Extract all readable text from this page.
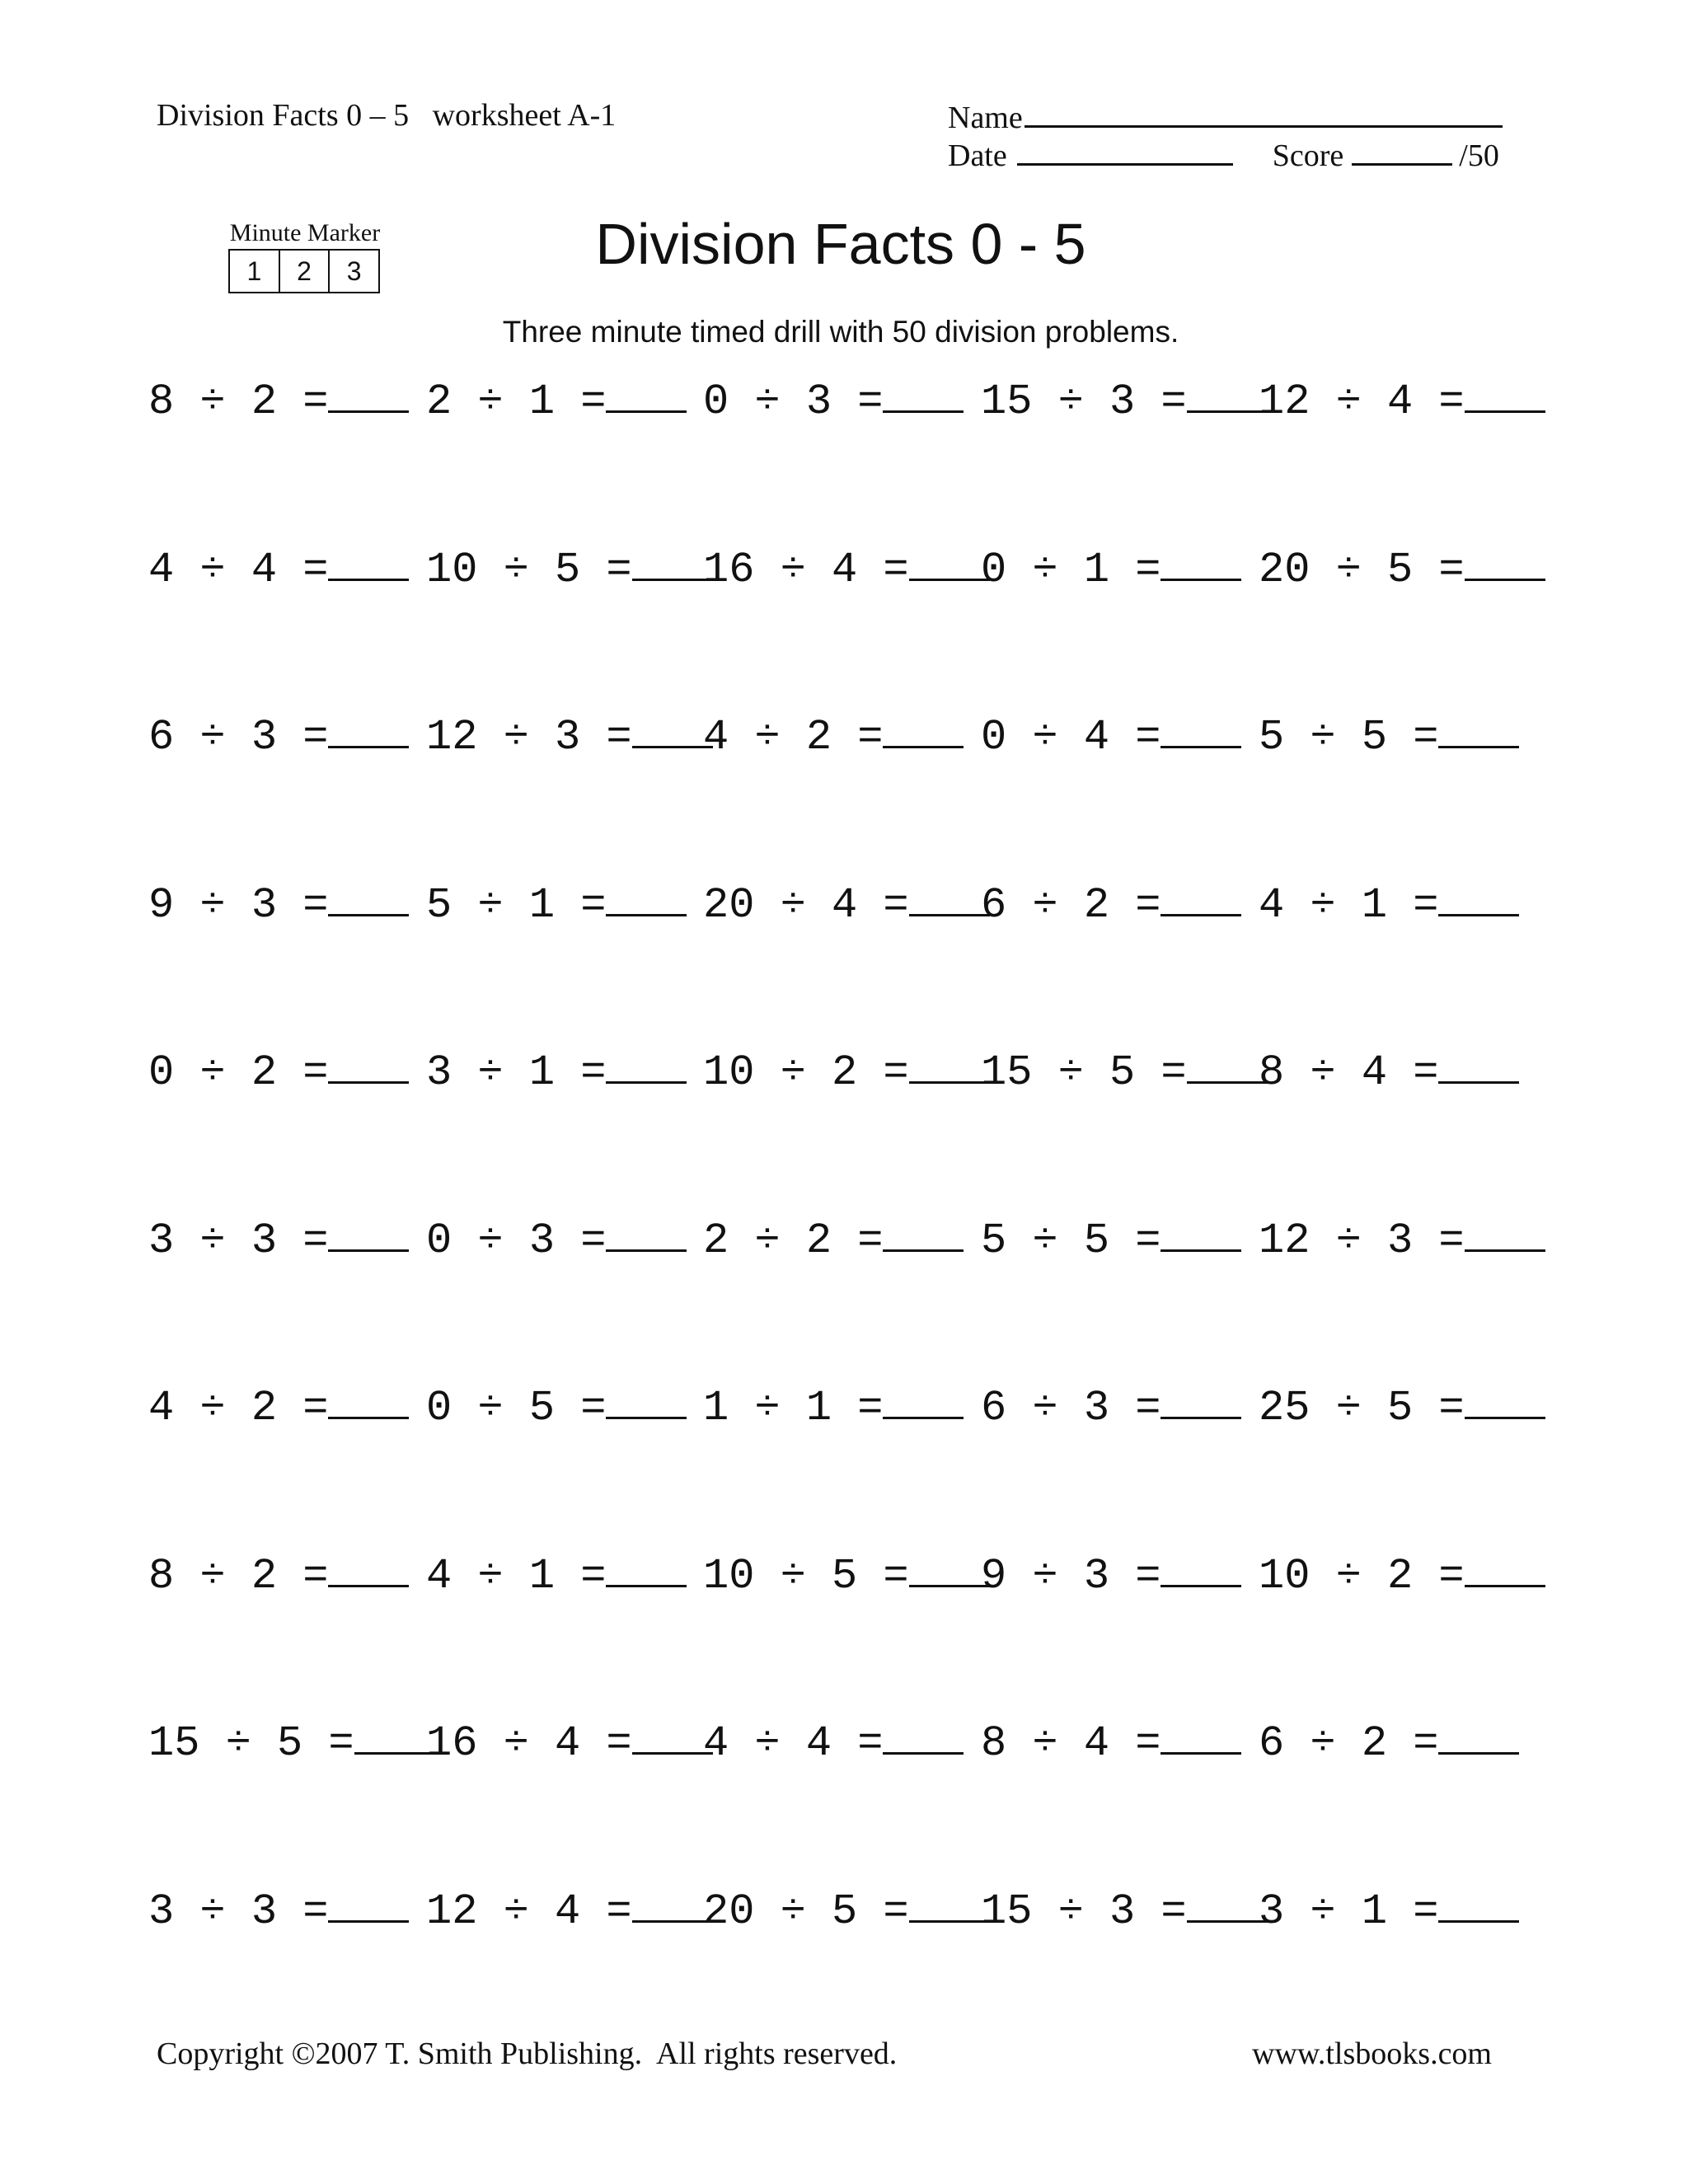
Division Facts 0 – 5   worksheet A-1	Name
Date	Score	/50
Minute Marker
1	2	3	Division Facts 0 - 5
Three minute timed drill with 50 division problems.
8 ÷ 2 =	2 ÷ 1 =	0 ÷ 3 =	15 ÷ 3 =	12 ÷ 4 =
4 ÷ 4 =	10 ÷ 5 =	16 ÷ 4 =	0 ÷ 1 =	20 ÷ 5 =
6 ÷ 3 =	12 ÷ 3 =	4 ÷ 2 =	0 ÷ 4 =	5 ÷ 5 =
9 ÷ 3 =	5 ÷ 1 =	20 ÷ 4 =	6 ÷ 2 =	4 ÷ 1 =
0 ÷ 2 =	3 ÷ 1 =	10 ÷ 2 =	15 ÷ 5 =	8 ÷ 4 =
3 ÷ 3 =	0 ÷ 3 =	2 ÷ 2 =	5 ÷ 5 =	12 ÷ 3 =
4 ÷ 2 =	0 ÷ 5 =	1 ÷ 1 =	6 ÷ 3 =	25 ÷ 5 =
8 ÷ 2 =	4 ÷ 1 =	10 ÷ 5 =	9 ÷ 3 =	10 ÷ 2 =
15 ÷ 5 =	16 ÷ 4 =	4 ÷ 4 =	8 ÷ 4 =	6 ÷ 2 =
3 ÷ 3 =	12 ÷ 4 =	20 ÷ 5 =	15 ÷ 3 =	3 ÷ 1 =
Copyright ©2007 T. Smith Publishing.  All rights reserved.	www.tlsbooks.com
